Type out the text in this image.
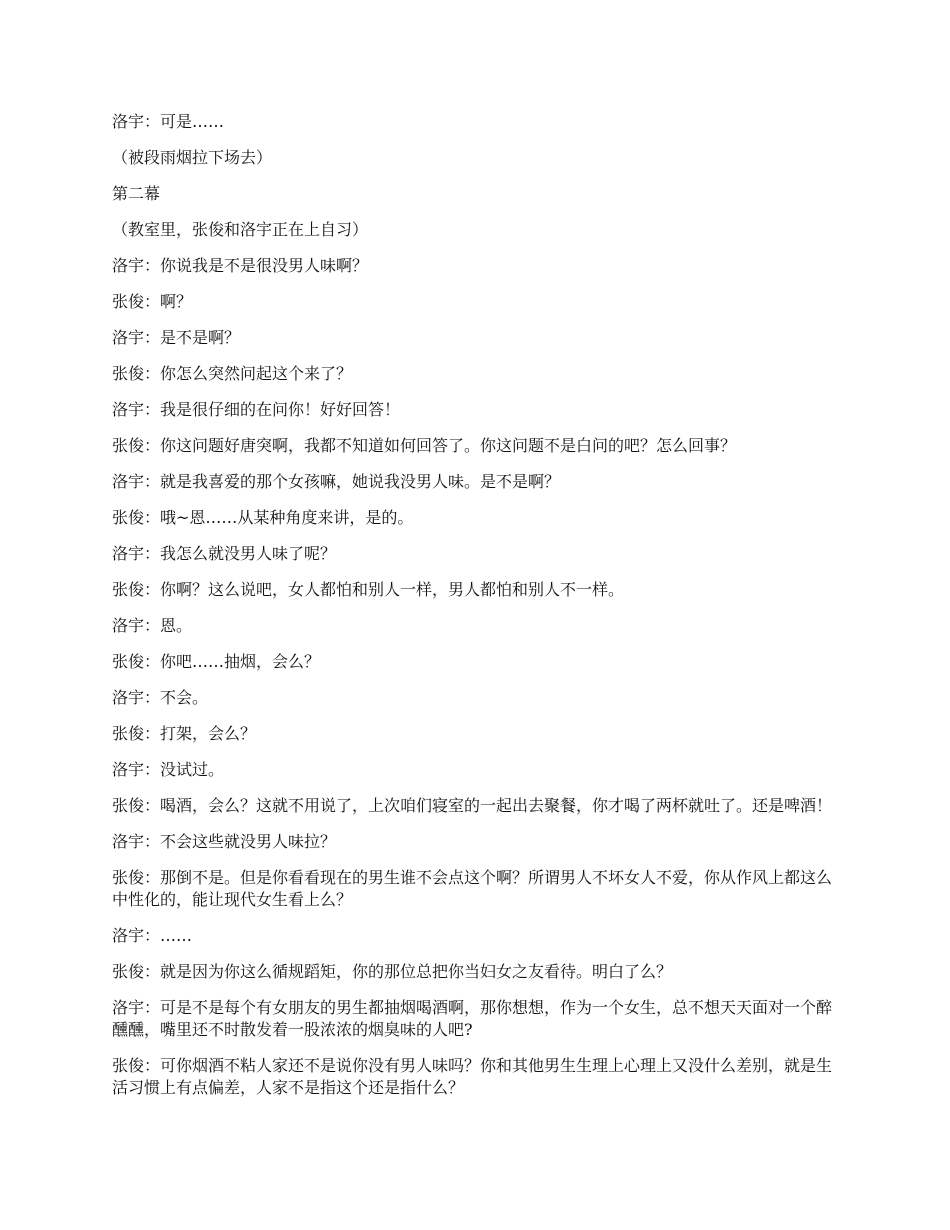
洛宇：可是……

（被段雨烟拉下场去）

第二幕

（教室里，张俊和洛宇正在上自习）

洛宇：你说我是不是很没男人味啊？

张俊：啊？

洛宇：是不是啊？

张俊：你怎么突然问起这个来了？

洛宇：我是很仔细的在问你！好好回答！

张俊：你这问题好唐突啊，我都不知道如何回答了。你这问题不是白问的吧？怎么回事？

洛宇：就是我喜爱的那个女孩嘛，她说我没男人味。是不是啊？

张俊：哦~恩……从某种角度来讲，是的。

洛宇：我怎么就没男人味了呢？

张俊：你啊？这么说吧，女人都怕和别人一样，男人都怕和别人不一样。

洛宇：恩。

张俊：你吧……抽烟，会么？

洛宇：不会。

张俊：打架，会么？

洛宇：没试过。

张俊：喝酒，会么？这就不用说了，上次咱们寝室的一起出去聚餐，你才喝了两杯就吐了。还是啤酒！

洛宇：不会这些就没男人味拉？

张俊：那倒不是。但是你看看现在的男生谁不会点这个啊？所谓男人不坏女人不爱，你从作风上都这么中性化的，能让现代女生看上么？

洛宇：……

张俊：就是因为你这么循规蹈矩，你的那位总把你当妇女之友看待。明白了么？

洛宇：可是不是每个有女朋友的男生都抽烟喝酒啊，那你想想，作为一个女生，总不想天天面对一个醉醺醺，嘴里还不时散发着一股浓浓的烟臭味的人吧?

张俊：可你烟酒不粘人家还不是说你没有男人味吗？你和其他男生生理上心理上又没什么差别，就是生活习惯上有点偏差，人家不是指这个还是指什么？
